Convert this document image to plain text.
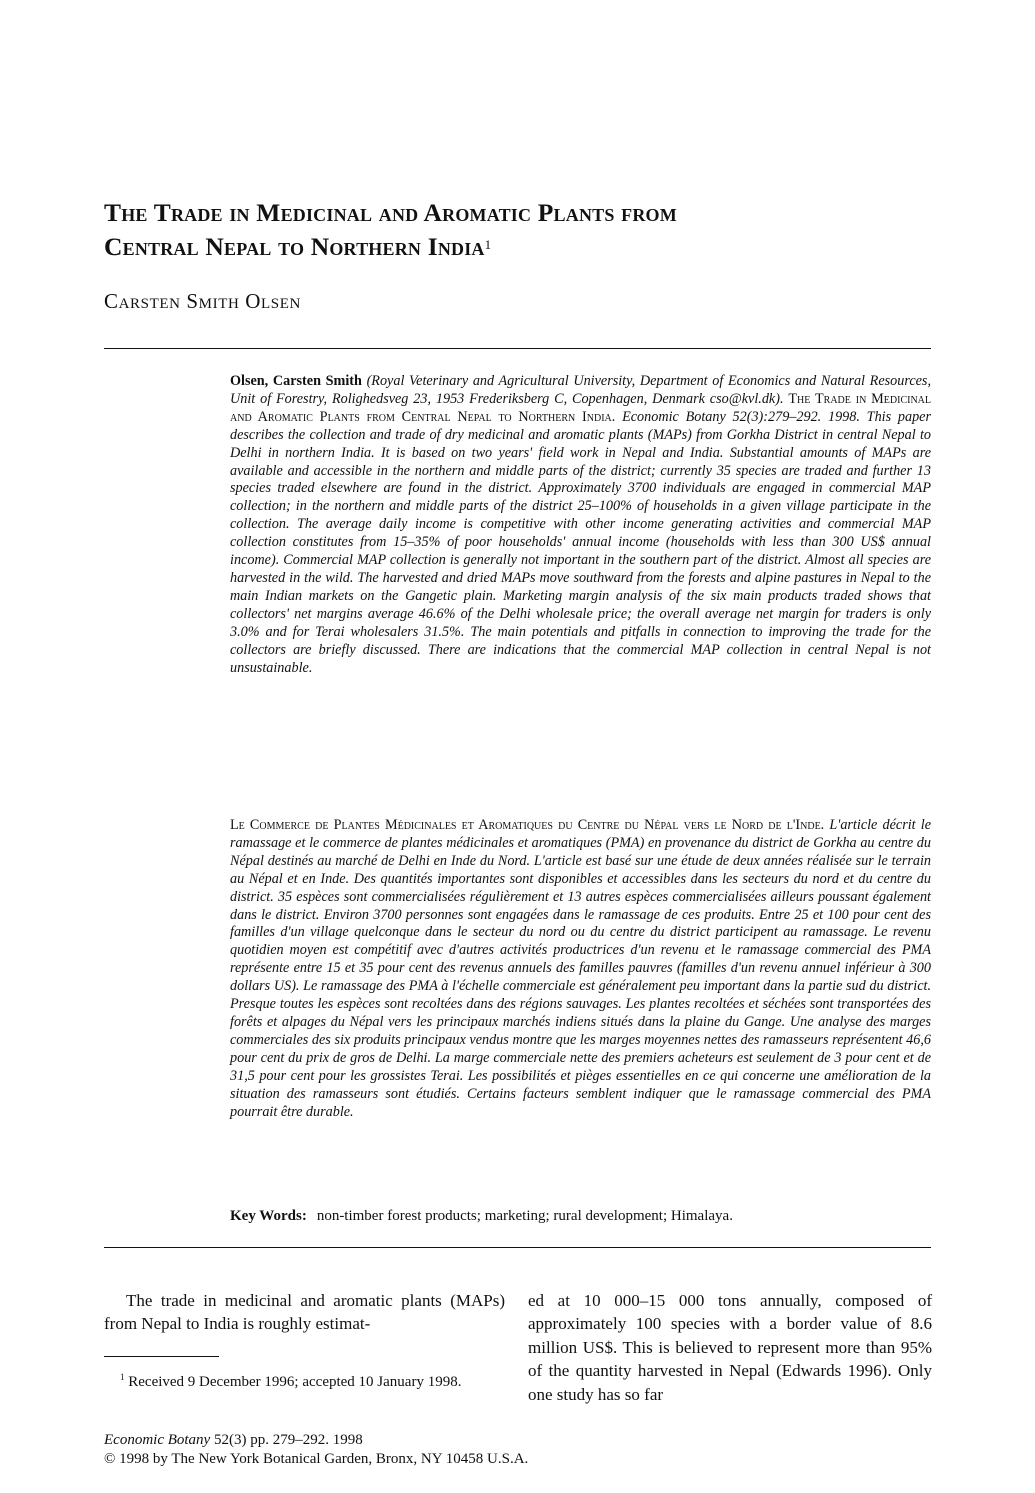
The Trade in Medicinal and Aromatic Plants from
Central Nepal to Northern India$^1$

Carsten Smith Olsen

Olsen, Carsten Smith (Royal Veterinary and Agricultural University, Department of Economics and Natural Resources, Unit of Forestry, Rolighedsveg 23, 1953 Frederiksberg C, Copenhagen, Denmark cso@kvl.dk). The Trade in Medicinal and Aromatic Plants from Central Nepal to Northern India. Economic Botany 52(3):279–292. 1998. This paper describes the collection and trade of dry medicinal and aromatic plants (MAPs) from Gorkha District in central Nepal to Delhi in northern India. It is based on two years' field work in Nepal and India. Substantial amounts of MAPs are available and accessible in the northern and middle parts of the district; currently 35 species are traded and further 13 species traded elsewhere are found in the district. Approximately 3700 individuals are engaged in commercial MAP collection; in the northern and middle parts of the district 25–100% of households in a given village participate in the collection. The average daily income is competitive with other income generating activities and commercial MAP collection constitutes from 15–35% of poor households' annual income (households with less than 300 US$ annual income). Commercial MAP collection is generally not important in the southern part of the district. Almost all species are harvested in the wild. The harvested and dried MAPs move southward from the forests and alpine pastures in Nepal to the main Indian markets on the Gangetic plain. Marketing margin analysis of the six main products traded shows that collectors' net margins average 46.6% of the Delhi wholesale price; the overall average net margin for traders is only 3.0% and for Terai wholesalers 31.5%. The main potentials and pitfalls in connection to improving the trade for the collectors are briefly discussed. There are indications that the commercial MAP collection in central Nepal is not unsustainable.

Le Commerce de Plantes Médicinales et Aromatiques du Centre du Népal vers le Nord de l'Inde. L'article décrit le ramassage et le commerce de plantes médicinales et aromatiques (PMA) en provenance du district de Gorkha au centre du Népal destinés au marché de Delhi en Inde du Nord. L'article est basé sur une étude de deux années réalisée sur le terrain au Népal et en Inde. Des quantités importantes sont disponibles et accessibles dans les secteurs du nord et du centre du district. 35 espèces sont commercialisées régulièrement et 13 autres espèces commercialisées ailleurs poussant également dans le district. Environ 3700 personnes sont engagées dans le ramassage de ces produits. Entre 25 et 100 pour cent des familles d'un village quelconque dans le secteur du nord ou du centre du district participent au ramassage. Le revenu quotidien moyen est compétitif avec d'autres activités productrices d'un revenu et le ramassage commercial des PMA représente entre 15 et 35 pour cent des revenus annuels des familles pauvres (familles d'un revenu annuel inférieur à 300 dollars US). Le ramassage des PMA à l'échelle commerciale est généralement peu important dans la partie sud du district. Presque toutes les espèces sont recoltées dans des régions sauvages. Les plantes recoltées et séchées sont transportées des forêts et alpages du Népal vers les principaux marchés indiens situés dans la plaine du Gange. Une analyse des marges commerciales des six produits principaux vendus montre que les marges moyennes nettes des ramasseurs représentent 46,6 pour cent du prix de gros de Delhi. La marge commerciale nette des premiers acheteurs est seulement de 3 pour cent et de 31,5 pour cent pour les grossistes Terai. Les possibilités et pièges essentielles en ce qui concerne une amélioration de la situation des ramasseurs sont étudiés. Certains facteurs semblent indiquer que le ramassage commercial des PMA pourrait être durable.

Key Words: non-timber forest products; marketing; rural development; Himalaya.

The trade in medicinal and aromatic plants (MAPs) from Nepal to India is roughly estimat-

ed at 10 000–15 000 tons annually, composed of approximately 100 species with a border value of 8.6 million US$. This is believed to represent more than 95% of the quantity harvested in Nepal (Edwards 1996). Only one study has so far

$^1$ Received 9 December 1996; accepted 10 January 1998.

Economic Botany 52(3) pp. 279–292. 1998

© 1998 by The New York Botanical Garden, Bronx, NY 10458 U.S.A.
